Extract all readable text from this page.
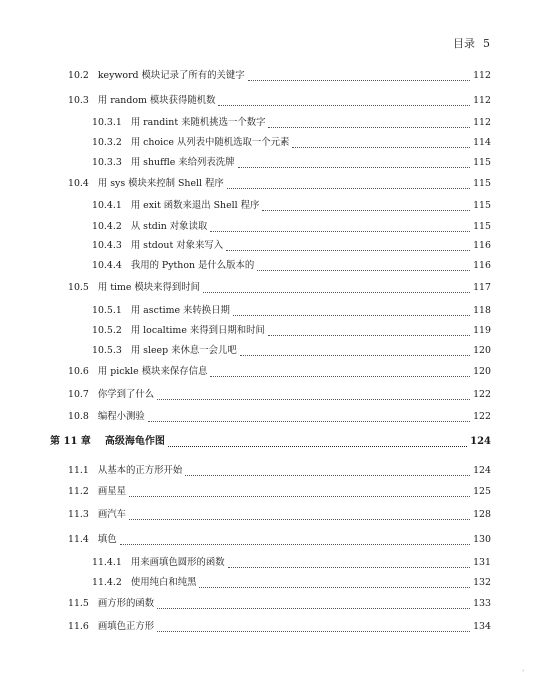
目录 5
10.2 keyword 模块记录了所有的关键字	112
10.3 用 random 模块获得随机数	112
10.3.1 用 randint 来随机挑选一个数字	112
10.3.2 用 choice 从列表中随机选取一个元素	114
10.3.3 用 shuffle 来给列表洗牌	115
10.4 用 sys 模块来控制 Shell 程序	115
10.4.1 用 exit 函数来退出 Shell 程序	115
10.4.2 从 stdin 对象读取	115
10.4.3 用 stdout 对象来写入	116
10.4.4 我用的 Python 是什么版本的	116
10.5 用 time 模块来得到时间	117
10.5.1 用 asctime 来转换日期	118
10.5.2 用 localtime 来得到日期和时间	119
10.5.3 用 sleep 来休息一会儿吧	120
10.6 用 pickle 模块来保存信息	120
10.7 你学到了什么	122
10.8 编程小测验	122
第 11 章 高级海龟作图	124
11.1 从基本的正方形开始	124
11.2 画星星	125
11.3 画汽车	128
11.4 填色	130
11.4.1 用来画填色圆形的函数	131
11.4.2 使用纯白和纯黑	132
11.5 画方形的函数	133
11.6 画填色正方形	134
'
